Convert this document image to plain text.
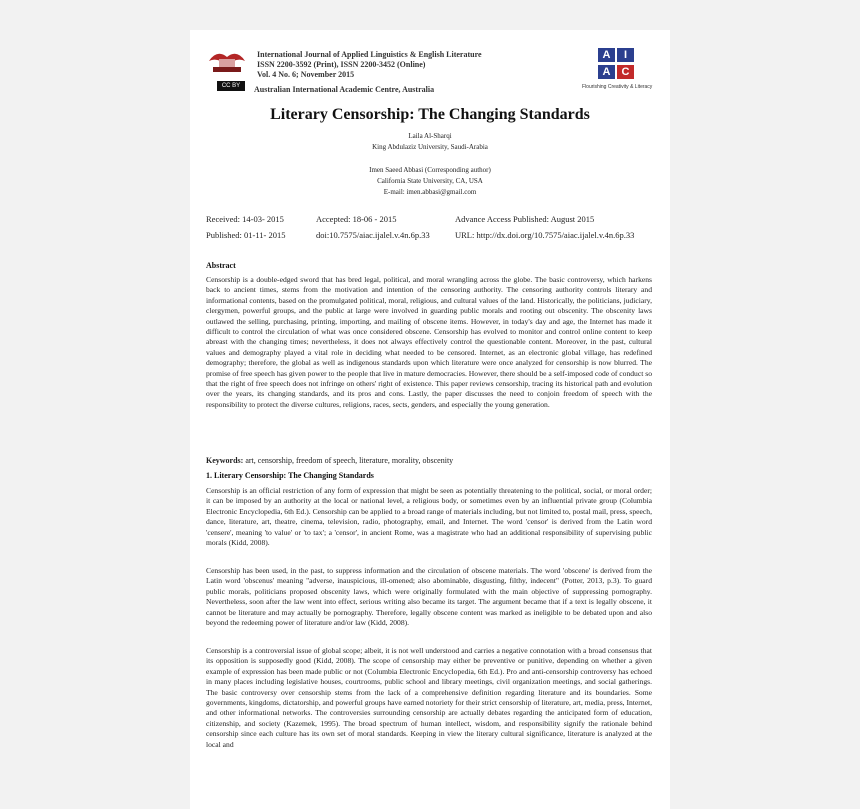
CC BY
International Journal of Applied Linguistics & English Literature
ISSN 2200-3592 (Print), ISSN 2200-3452 (Online)
Vol. 4 No. 6; November 2015
Australian International Academic Centre, Australia
A	I
A	C
Flourishing Creativity & Literacy
Literary Censorship: The Changing Standards
Laila Al-Sharqi
King Abdulaziz University, Saudi-Arabia
Imen Saeed Abbasi (Corresponding author)
California State University, CA, USA
E-mail: imen.abbasi@gmail.com
Received: 14-03- 2015	Accepted: 18-06 - 2015	Advance Access Published: August 2015
Published: 01-11- 2015	doi:10.7575/aiac.ijalel.v.4n.6p.33	URL: http://dx.doi.org/10.7575/aiac.ijalel.v.4n.6p.33
Abstract
Censorship is a double-edged sword that has bred legal, political, and moral wrangling across the globe. The basic controversy, which harkens back to ancient times, stems from the motivation and intention of the censoring authority. The censoring authority controls literary and informational contents, based on the promulgated political, moral, religious, and cultural values of the land. Historically, the politicians, judiciary, clergymen, powerful groups, and the public at large were involved in guarding public morals and rooting out obscenity. The obscenity laws outlawed the selling, purchasing, printing, importing, and mailing of obscene items. However, in today's day and age, the Internet has made it difficult to control the circulation of what was once considered obscene. Censorship has evolved to monitor and control online content to keep abreast with the changing times; nevertheless, it does not always effectively control the questionable content. Moreover, in the past, cultural values and demography played a vital role in deciding what needed to be censored. Internet, as an electronic global village, has redefined demography; therefore, the global as well as indigenous standards upon which literature were once analyzed for censorship is now blurred. The promise of free speech has given power to the people that live in mature democracies. However, there should be a self-imposed code of conduct so that the right of free speech does not infringe on others' right of existence. This paper reviews censorship, tracing its historical path and evolution over the years, its changing standards, and its pros and cons. Lastly, the paper discusses the need to conjoin freedom of speech with the responsibility to protect the diverse cultures, religions, races, sects, genders, and especially the young generation.
Keywords: art, censorship, freedom of speech, literature, morality, obscenity
1. Literary Censorship: The Changing Standards
Censorship is an official restriction of any form of expression that might be seen as potentially threatening to the political, social, or moral order; it can be imposed by an authority at the local or national level, a religious body, or sometimes even by an influential private group (Columbia Electronic Encyclopedia, 6th Ed.). Censorship can be applied to a broad range of materials including, but not limited to, postal mail, press, speech, dance, literature, art, theatre, cinema, television, radio, photography, email, and Internet. The word 'censor' is derived from the Latin word 'censere', meaning 'to value' or 'to tax'; a 'censor', in ancient Rome, was a magistrate who had an additional responsibility of supervising public morals (Kidd, 2008).
Censorship has been used, in the past, to suppress information and the circulation of obscene materials. The word 'obscene' is derived from the Latin word 'obscenus' meaning "adverse, inauspicious, ill-omened; also abominable, disgusting, filthy, indecent" (Potter, 2013, p.3). To guard public morals, politicians proposed obscenity laws, which were originally formulated with the main objective of suppressing pornography. Nevertheless, soon after the law went into effect, serious writing also became its target. The argument became that if a text is legally obscene, it cannot be literature and may actually be pornography. Therefore, legally obscene content was marked as ineligible to be debated upon and also beyond the redeeming power of literature and/or law (Kidd, 2008).
Censorship is a controversial issue of global scope; albeit, it is not well understood and carries a negative connotation with a broad consensus that its opposition is supposedly good (Kidd, 2008). The scope of censorship may either be preventive or punitive, depending on whether a given example of expression has been made public or not (Columbia Electronic Encyclopedia, 6th Ed.). Pro and anti-censorship controversy has echoed in many places including legislative houses, courtrooms, public school and library meetings, civil organization meetings, and social gatherings. The basic controversy over censorship stems from the lack of a comprehensive definition regarding literature and its boundaries. Some governments, kingdoms, dictatorship, and powerful groups have earned notoriety for their strict censorship of literature, art, media, press, Internet, and other informational networks. The controversies surrounding censorship are actually debates regarding the anticipated form of education, citizenship, and society (Kazemek, 1995). The broad spectrum of human intellect, wisdom, and responsibility signify the rationale behind censorship since each culture has its own set of moral standards. Keeping in view the literary cultural significance, literature is analyzed at the local and
